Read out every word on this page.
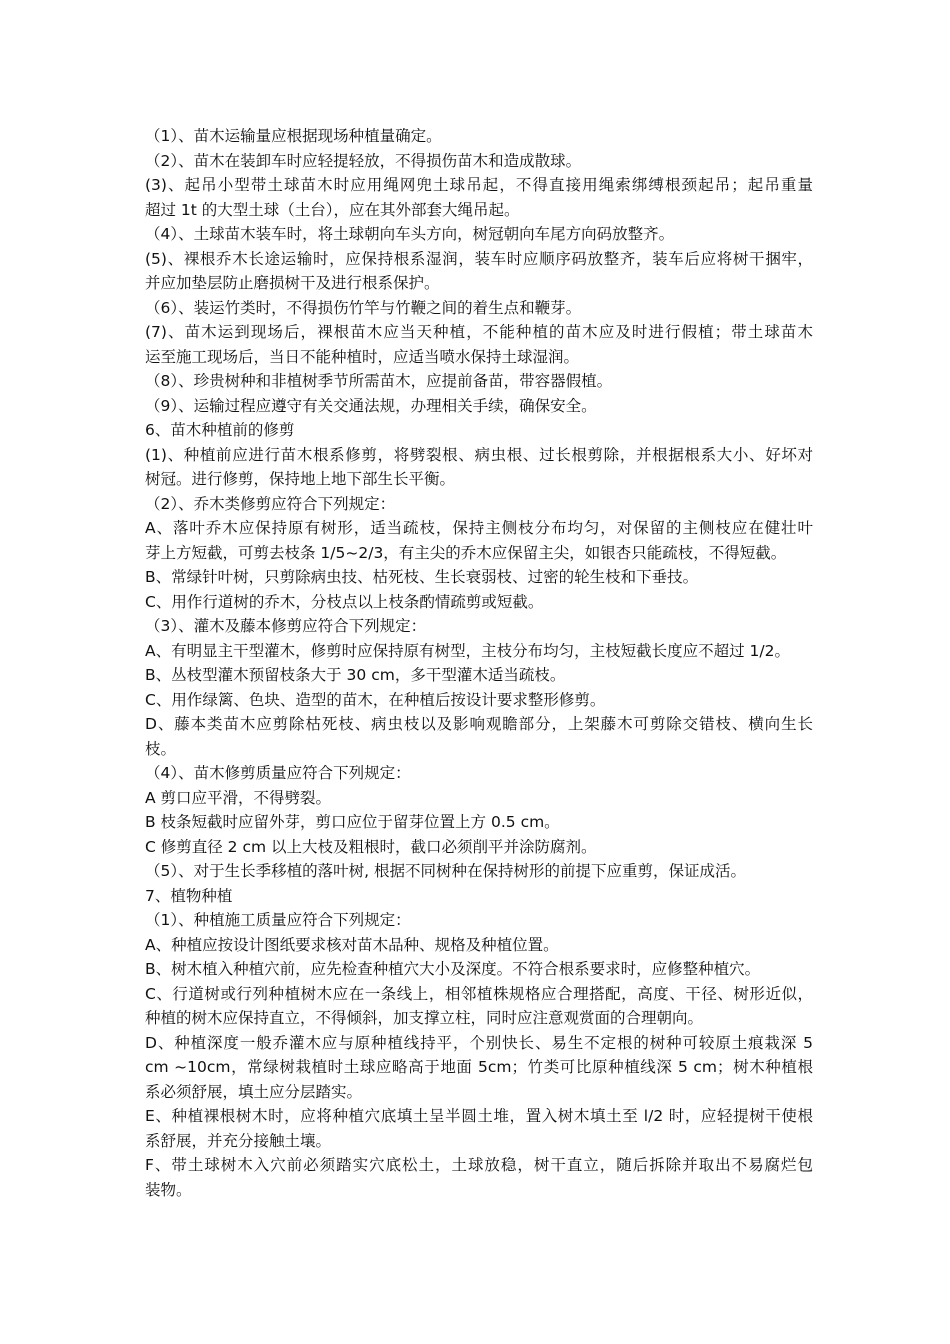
（1）、苗木运输量应根据现场种植量确定。
（2）、苗木在装卸车时应轻提轻放，不得损伤苗木和造成散球。
(3)、起吊小型带土球苗木时应用绳网兜土球吊起，不得直接用绳索绑缚根颈起吊；起吊重量
超过 1t 的大型土球（土台），应在其外部套大绳吊起。
（4）、土球苗木装车时，将土球朝向车头方向，树冠朝向车尾方向码放整齐。
(5)、裸根乔木长途运输时，应保持根系湿润，装车时应顺序码放整齐，装车后应将树干捆牢，
并应加垫层防止磨损树干及进行根系保护。
（6）、装运竹类时，不得损伤竹竿与竹鞭之间的着生点和鞭芽。
(7)、苗木运到现场后，裸根苗木应当天种植，不能种植的苗木应及时进行假植；带土球苗木
运至施工现场后，当日不能种植时，应适当喷水保持土球湿润。
（8）、珍贵树种和非植树季节所需苗木，应提前备苗，带容器假植。
（9）、运输过程应遵守有关交通法规，办理相关手续，确保安全。
6、苗木种植前的修剪
(1)、种植前应进行苗木根系修剪，将劈裂根、病虫根、过长根剪除，并根据根系大小、好坏对
树冠。进行修剪，保持地上地下部生长平衡。
（2）、乔木类修剪应符合下列规定：
A、落叶乔木应保持原有树形，适当疏枝，保持主侧枝分布均匀，对保留的主侧枝应在健壮叶
芽上方短截，可剪去枝条 1/5~2/3，有主尖的乔木应保留主尖，如银杏只能疏枝，不得短截。
B、常绿针叶树，只剪除病虫技、枯死枝、生长衰弱枝、过密的轮生枝和下垂技。
C、用作行道树的乔木，分枝点以上枝条酌情疏剪或短截。
（3）、灌木及藤本修剪应符合下列规定：
A、有明显主干型灌木，修剪时应保持原有树型，主枝分布均匀，主枝短截长度应不超过 1/2。
B、丛枝型灌木预留枝条大于 30 cm，多干型灌木适当疏枝。
C、用作绿篱、色块、造型的苗木，在种植后按设计要求整形修剪。
D、藤本类苗木应剪除枯死枝、病虫枝以及影响观瞻部分，上架藤木可剪除交错枝、横向生长
枝。
（4）、苗木修剪质量应符合下列规定：
A 剪口应平滑，不得劈裂。
B 枝条短截时应留外芽，剪口应位于留芽位置上方 0.5 cm。
C 修剪直径 2 cm 以上大枝及粗根时，截口必须削平并涂防腐剂。
（5）、对于生长季移植的落叶树, 根据不同树种在保持树形的前提下应重剪，保证成活。
7、植物种植
（1）、种植施工质量应符合下列规定：
A、种植应按设计图纸要求核对苗木品种、规格及种植位置。
B、树木植入种植穴前，应先检查种植穴大小及深度。不符合根系要求时，应修整种植穴。
C、行道树或行列种植树木应在一条线上，相邻植株规格应合理搭配，高度、干径、树形近似，
种植的树木应保持直立，不得倾斜，加支撑立柱，同时应注意观赏面的合理朝向。
D、种植深度一般乔灌木应与原种植线持平，个别快长、易生不定根的树种可较原土痕栽深 5
cm ~10cm，常绿树栽植时土球应略高于地面 5cm；竹类可比原种植线深 5 cm；树木种植根
系必须舒展，填土应分层踏实。
E、种植裸根树木时，应将种植穴底填土呈半圆土堆，置入树木填土至 l/2 时，应轻提树干使根
系舒展，并充分接触土壤。
F、带土球树木入穴前必须踏实穴底松土，土球放稳，树干直立，随后拆除并取出不易腐烂包
装物。
